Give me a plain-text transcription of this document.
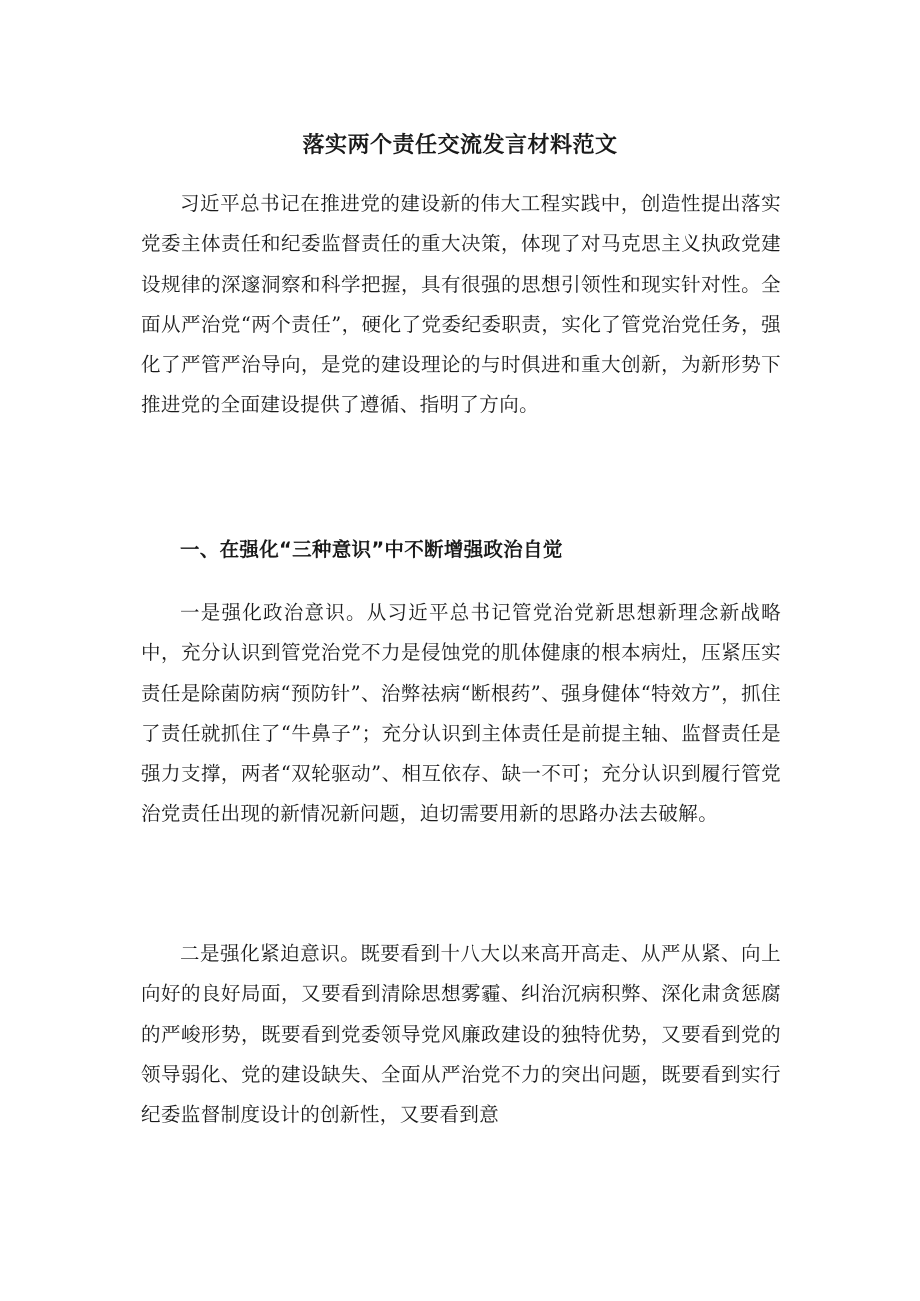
落实两个责任交流发言材料范文

习近平总书记在推进党的建设新的伟大工程实践中，创造性提出落实党委主体责任和纪委监督责任的重大决策，体现了对马克思主义执政党建设规律的深邃洞察和科学把握，具有很强的思想引领性和现实针对性。全面从严治党“两个责任”，硬化了党委纪委职责，实化了管党治党任务，强化了严管严治导向，是党的建设理论的与时俱进和重大创新，为新形势下推进党的全面建设提供了遵循、指明了方向。

一、在强化“三种意识”中不断增强政治自觉

一是强化政治意识。从习近平总书记管党治党新思想新理念新战略中，充分认识到管党治党不力是侵蚀党的肌体健康的根本病灶，压紧压实责任是除菌防病“预防针”、治弊祛病“断根药”、强身健体“特效方”，抓住了责任就抓住了“牛鼻子”；充分认识到主体责任是前提主轴、监督责任是强力支撑，两者“双轮驱动”、相互依存、缺一不可；充分认识到履行管党治党责任出现的新情况新问题，迫切需要用新的思路办法去破解。

二是强化紧迫意识。既要看到十八大以来高开高走、从严从紧、向上向好的良好局面，又要看到清除思想雾霾、纠治沉病积弊、深化肃贪惩腐的严峻形势，既要看到党委领导党风廉政建设的独特优势，又要看到党的领导弱化、党的建设缺失、全面从严治党不力的突出问题，既要看到实行纪委监督制度设计的创新性，又要看到意
